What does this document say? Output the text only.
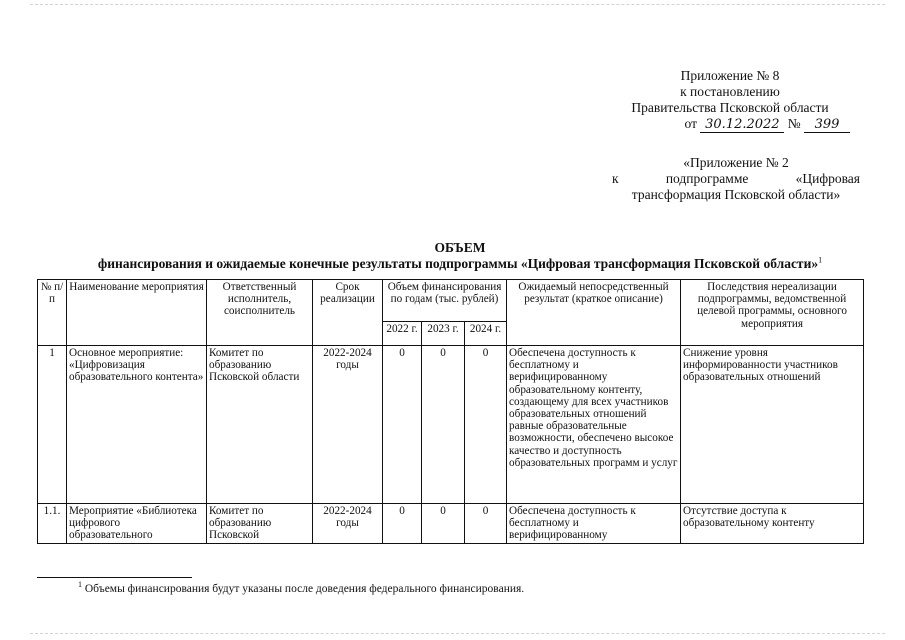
Приложение № 8
к постановлению
Правительства Псковской области
от 30.12.2022 № 399
«Приложение № 2
к	подпрограмме	«Цифровая
трансформация Псковской области»
ОБЪЕМ
финансирования и ожидаемые конечные результаты подпрограммы «Цифровая трансформация Псковской области»$^1$
№ п/п	Наименование мероприятия	Ответственный исполнитель, соисполнитель	Срок реализации	Объем финансирования по годам (тыс. рублей)			Ожидаемый непосредственный результат (краткое описание)	Последствия нереализации подпрограммы, ведомственной целевой программы, основного мероприятия
				2022 г.	2023 г.	2024 г.		
1	Основное мероприятие: «Цифровизация образовательного контента»	Комитет по образованию Псковской области	2022-2024 годы	0	0	0	Обеспечена доступность к бесплатному и верифицированному образовательному контенту, создающему для всех участников образовательных отношений равные образовательные возможности, обеспечено высокое качество и доступность образовательных программ и услуг	Снижение уровня информированности участников образовательных отношений
1.1.	Мероприятие «Библиотека цифрового образовательного	Комитет по образованию Псковской	2022-2024 годы	0	0	0	Обеспечена доступность к бесплатному и верифицированному	Отсутствие доступа к образовательному контенту
$^1$ Объемы финансирования будут указаны после доведения федерального финансирования.
